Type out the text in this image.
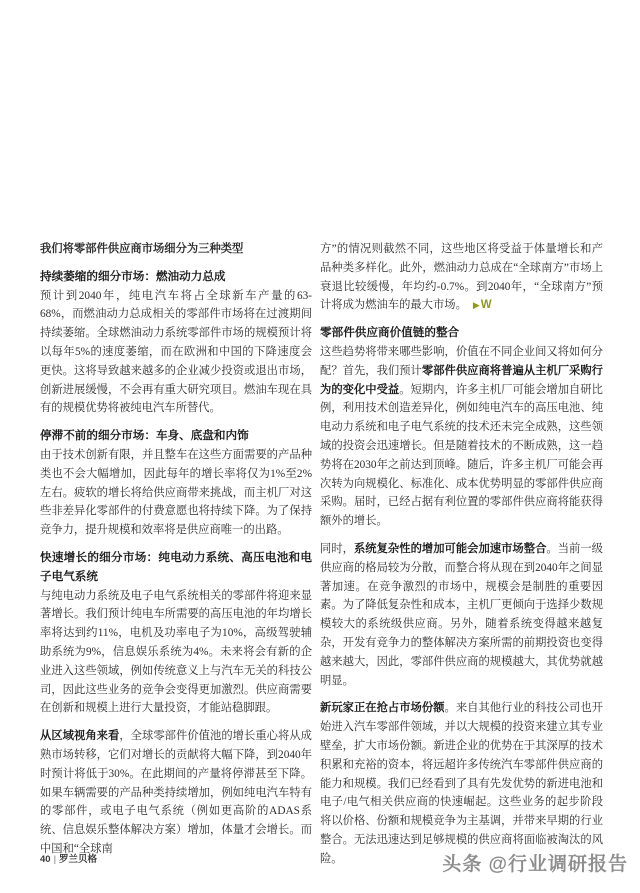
我们将零部件供应商市场细分为三种类型

持续萎缩的细分市场：燃油动力总成

预计到2040年，纯电汽车将占全球新车产量的63-68%，而燃油动力总成相关的零部件市场将在过渡期间持续萎缩。全球燃油动力系统零部件市场的规模预计将以每年5%的速度萎缩，而在欧洲和中国的下降速度会更快。这将导致越来越多的企业减少投资或退出市场，创新进展缓慢，不会再有重大研究项目。燃油车现在具有的规模优势将被纯电汽车所替代。

停滞不前的细分市场：车身、底盘和内饰

由于技术创新有限，并且整车在这些方面需要的产品种类也不会大幅增加，因此每年的增长率将仅为1%至2%左右。疲软的增长将给供应商带来挑战，而主机厂对这些非差异化零部件的付费意愿也将持续下降。为了保持竞争力，提升规模和效率将是供应商唯一的出路。

快速增长的细分市场：纯电动力系统、高压电池和电子电气系统

与纯电动力系统及电子电气系统相关的零部件将迎来显著增长。我们预计纯电车所需要的高压电池的年均增长率将达到约11%，电机及功率电子为10%，高级驾驶辅助系统为9%，信息娱乐系统为4%。未来将会有新的企业进入这些领域，例如传统意义上与汽车无关的科技公司，因此这些业务的竞争会变得更加激烈。供应商需要在创新和规模上进行大量投资，才能站稳脚跟。

从区域视角来看，全球零部件价值池的增长重心将从成熟市场转移，它们对增长的贡献将大幅下降，到2040年时预计将低于30%。在此期间的产量将停滞甚至下降。如果车辆需要的产品种类持续增加，例如纯电汽车特有的零部件，或电子电气系统（例如更高阶的ADAS系统、信息娱乐整体解决方案）增加，体量才会增长。而中国和“全球南

方”的情况则截然不同，这些地区将受益于体量增长和产品种类多样化。此外，燃油动力总成在“全球南方”市场上衰退比较缓慢，年均约-0.7%。到2040年，“全球南方”预计将成为燃油车的最大市场。 ▶W

零部件供应商价值链的整合

这些趋势将带来哪些影响，价值在不同企业间又将如何分配？首先，我们预计零部件供应商将普遍从主机厂采购行为的变化中受益。短期内，许多主机厂可能会增加自研比例，利用技术创造差异化，例如纯电汽车的高压电池、纯电动力系统和电子电气系统的技术还未完全成熟，这些领域的投资会迅速增长。但是随着技术的不断成熟，这一趋势将在2030年之前达到顶峰。随后，许多主机厂可能会再次转为向规模化、标准化、成本优势明显的零部件供应商采购。届时，已经占据有利位置的零部件供应商将能获得额外的增长。

同时，系统复杂性的增加可能会加速市场整合。当前一级供应商的格局较为分散，而整合将从现在到2040年之间显著加速。在竞争激烈的市场中，规模会是制胜的重要因素。为了降低复杂性和成本，主机厂更倾向于选择少数规模较大的系统级供应商。另外，随着系统变得越来越复杂，开发有竞争力的整体解决方案所需的前期投资也变得越来越大，因此，零部件供应商的规模越大，其优势就越明显。

新玩家正在抢占市场份额。来自其他行业的科技公司也开始进入汽车零部件领域，并以大规模的投资来建立其专业壁垒，扩大市场份额。新进企业的优势在于其深厚的技术积累和充裕的资本，将远超许多传统汽车零部件供应商的能力和规模。我们已经看到了具有先发优势的新进电池和电子/电气相关供应商的快速崛起。这些业务的起步阶段将以价格、份额和规模竞争为主基调，并带来早期的行业整合。无法迅速达到足够规模的供应商将面临被淘汰的风险。

40 | 罗兰贝格	头条 @行业调研报告
